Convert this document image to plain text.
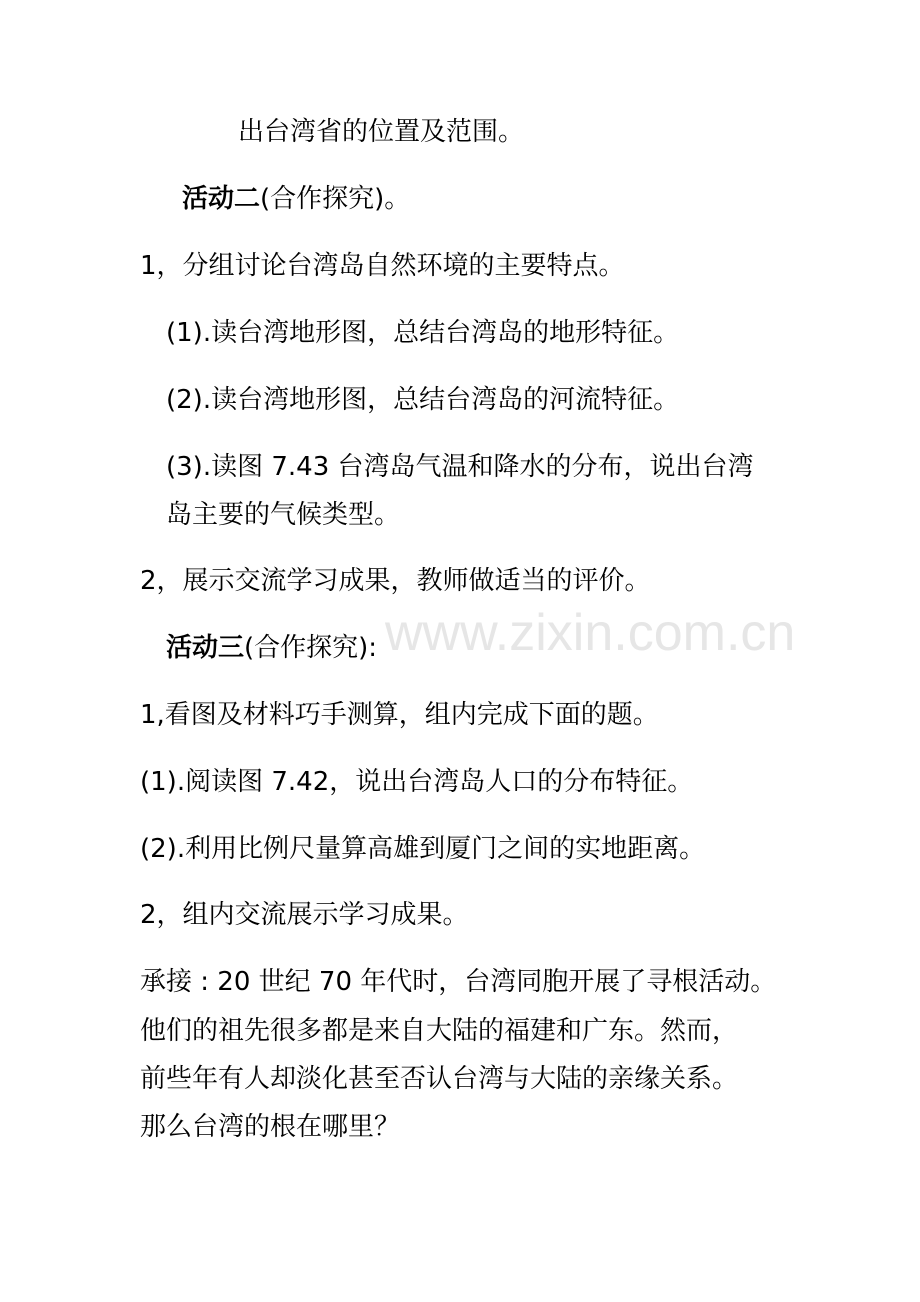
www.zixin.com.cn
出台湾省的位置及范围。
活动二(合作探究)。
1，分组讨论台湾岛自然环境的主要特点。
(1).读台湾地形图，总结台湾岛的地形特征。
(2).读台湾地形图，总结台湾岛的河流特征。
(3).读图 7.43 台湾岛气温和降水的分布，说出台湾
岛主要的气候类型。
2，展示交流学习成果，教师做适当的评价。
活动三(合作探究):
1,看图及材料巧手测算，组内完成下面的题。
(1).阅读图 7.42，说出台湾岛人口的分布特征。
(2).利用比例尺量算高雄到厦门之间的实地距离。
2，组内交流展示学习成果。
承接 : 20 世纪 70 年代时，台湾同胞开展了寻根活动。
他们的祖先很多都是来自大陆的福建和广东。然而，
前些年有人却淡化甚至否认台湾与大陆的亲缘关系。
那么台湾的根在哪里？
